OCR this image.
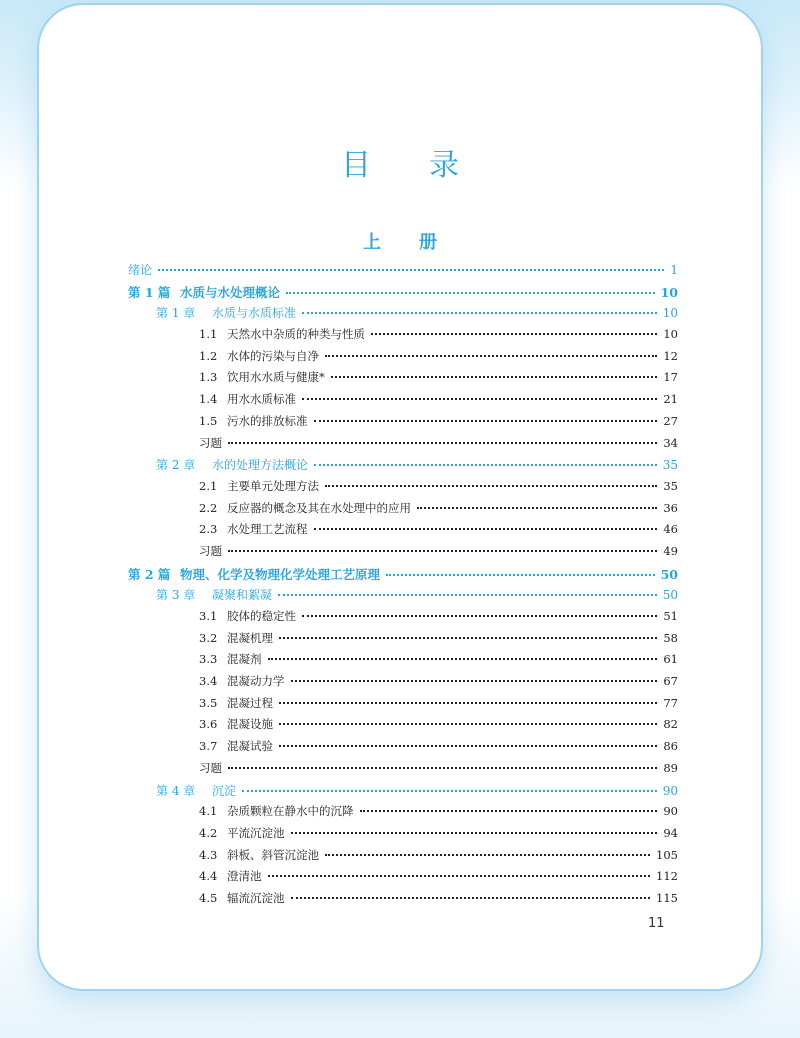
目录
上册
绪论	1
第 1 篇 水质与水处理概论	10
第 1 章 水质与水质标准	10
1.1 天然水中杂质的种类与性质	10
1.2 水体的污染与自净	12
1.3 饮用水水质与健康*	17
1.4 用水水质标准	21
1.5 污水的排放标准	27
习题	34
第 2 章 水的处理方法概论	35
2.1 主要单元处理方法	35
2.2 反应器的概念及其在水处理中的应用	36
2.3 水处理工艺流程	46
习题	49
第 2 篇 物理、化学及物理化学处理工艺原理	50
第 3 章 凝聚和絮凝	50
3.1 胶体的稳定性	51
3.2 混凝机理	58
3.3 混凝剂	61
3.4 混凝动力学	67
3.5 混凝过程	77
3.6 混凝设施	82
3.7 混凝试验	86
习题	89
第 4 章 沉淀	90
4.1 杂质颗粒在静水中的沉降	90
4.2 平流沉淀池	94
4.3 斜板、斜管沉淀池	105
4.4 澄清池	112
4.5 辐流沉淀池	115
11
